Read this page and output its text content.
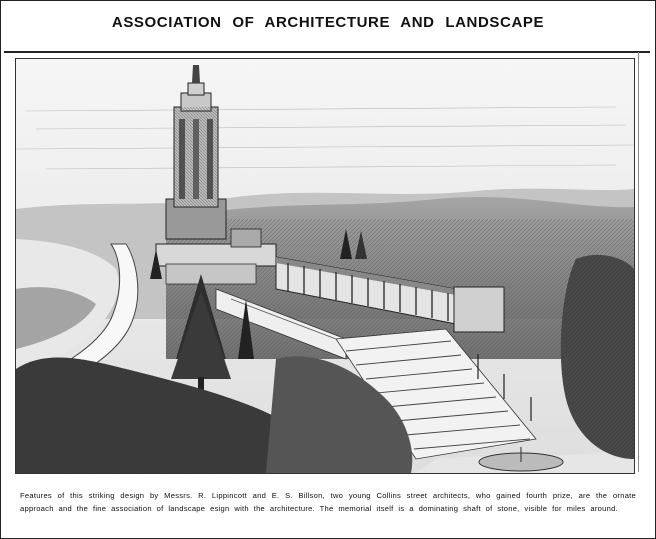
ASSOCIATION OF ARCHITECTURE AND LANDSCAPE
Features of this striking design by Messrs. R. Lippincott and E. S. Billson, two young Collins street architects, who gained fourth prize, are the ornate approach and the fine association of landscape esign with the architecture. The memorial itself is a dominating shaft of stone, visible for miles around.
